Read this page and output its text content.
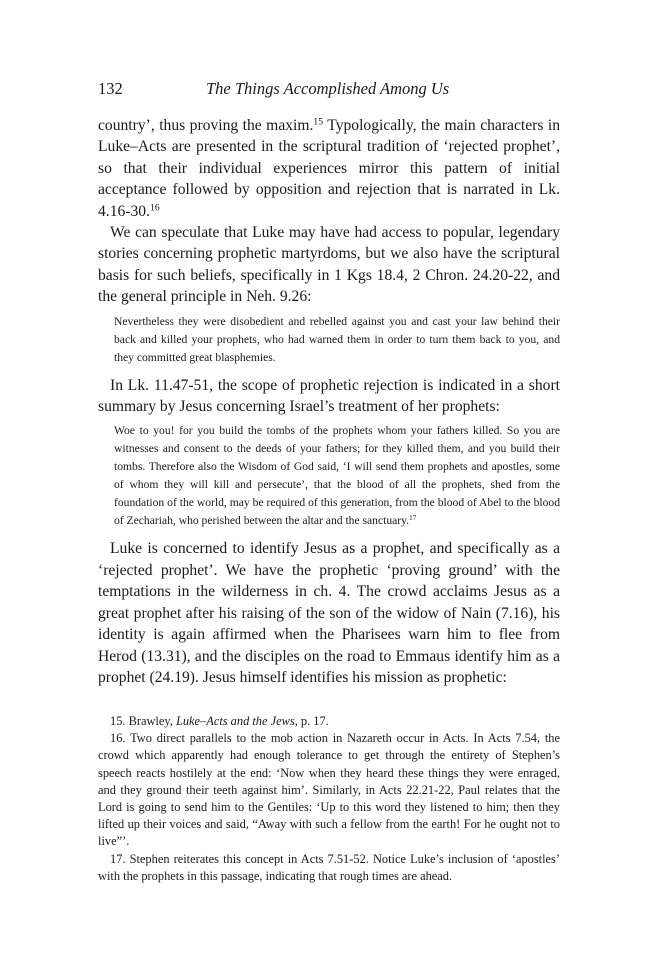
132	The Things Accomplished Among Us

country’, thus proving the maxim.$^{15}$ Typologically, the main characters in Luke–Acts are presented in the scriptural tradition of ‘rejected prophet’, so that their individual experiences mirror this pattern of initial acceptance followed by opposition and rejection that is narrated in Lk. 4.16-30.16

We can speculate that Luke may have had access to popular, legendary stories concerning prophetic martyrdoms, but we also have the scriptural basis for such beliefs, specifically in 1 Kgs 18.4, 2 Chron. 24.20-22, and the general principle in Neh. 9.26:

Nevertheless they were disobedient and rebelled against you and cast your law behind their back and killed your prophets, who had warned them in order to turn them back to you, and they committed great blasphemies.

In Lk. 11.47-51, the scope of prophetic rejection is indicated in a short summary by Jesus concerning Israel’s treatment of her prophets:

Woe to you! for you build the tombs of the prophets whom your fathers killed. So you are witnesses and consent to the deeds of your fathers; for they killed them, and you build their tombs. Therefore also the Wisdom of God said, ‘I will send them prophets and apostles, some of whom they will kill and persecute’, that the blood of all the prophets, shed from the foundation of the world, may be required of this generation, from the blood of Abel to the blood of Zechariah, who perished between the altar and the sanctuary.$^{17}$

Luke is concerned to identify Jesus as a prophet, and specifically as a ‘rejected prophet’. We have the prophetic ‘proving ground’ with the temptations in the wilderness in ch. 4. The crowd acclaims Jesus as a great prophet after his raising of the son of the widow of Nain (7.16), his identity is again affirmed when the Pharisees warn him to flee from Herod (13.31), and the disciples on the road to Emmaus identify him as a prophet (24.19). Jesus himself identifies his mission as prophetic:

15. Brawley, Luke–Acts and the Jews, p. 17.

16. Two direct parallels to the mob action in Nazareth occur in Acts. In Acts 7.54, the crowd which apparently had enough tolerance to get through the entirety of Stephen’s speech reacts hostilely at the end: ‘Now when they heard these things they were enraged, and they ground their teeth against him’. Similarly, in Acts 22.21-22, Paul relates that the Lord is going to send him to the Gentiles: ‘Up to this word they listened to him; then they lifted up their voices and said, “Away with such a fellow from the earth! For he ought not to live”’.

17. Stephen reiterates this concept in Acts 7.51-52. Notice Luke’s inclusion of ‘apostles’ with the prophets in this passage, indicating that rough times are ahead.
